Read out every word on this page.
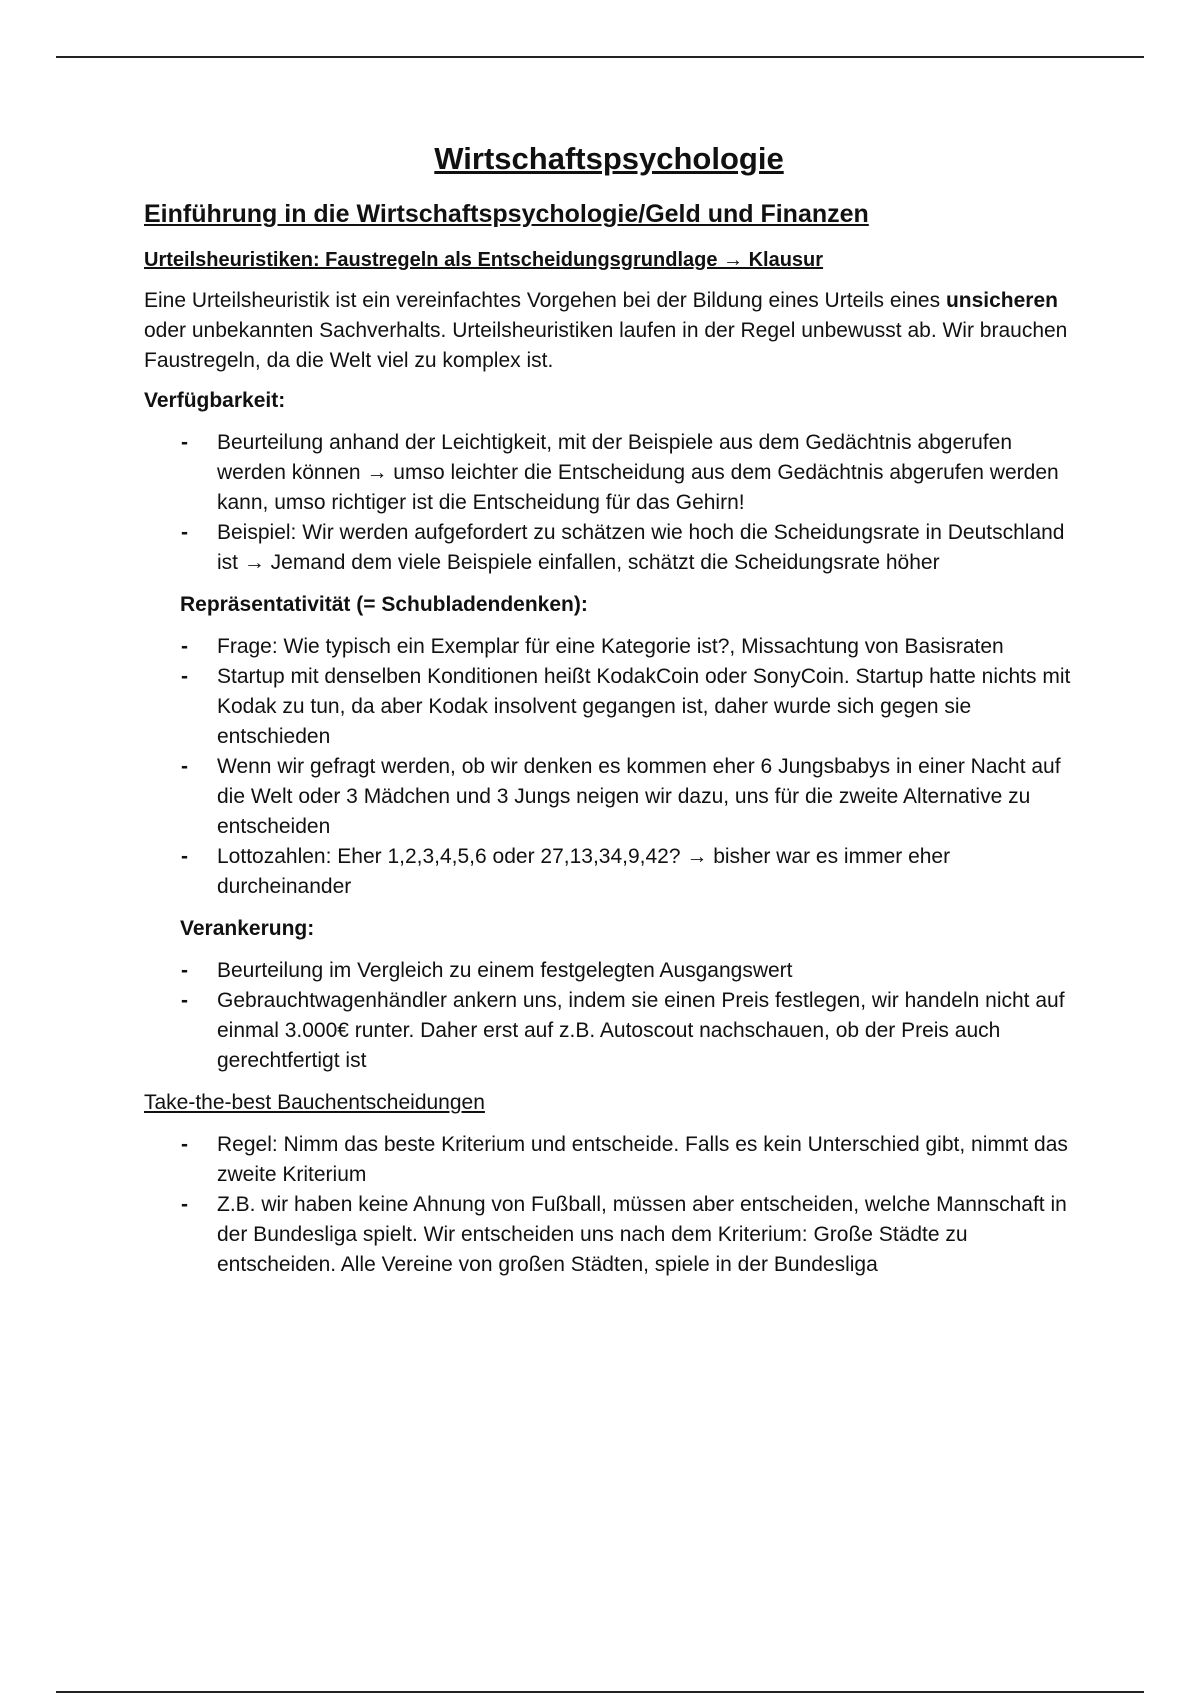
Wirtschaftspsychologie
Einführung in die Wirtschaftspsychologie/Geld und Finanzen
Urteilsheuristiken: Faustregeln als Entscheidungsgrundlage → Klausur

Eine Urteilsheuristik ist ein vereinfachtes Vorgehen bei der Bildung eines Urteils eines unsicheren oder unbekannten Sachverhalts. Urteilsheuristiken laufen in der Regel unbewusst ab. Wir brauchen Faustregeln, da die Welt viel zu komplex ist.

Verfügbarkeit:
- Beurteilung anhand der Leichtigkeit, mit der Beispiele aus dem Gedächtnis abgerufen werden können → umso leichter die Entscheidung aus dem Gedächtnis abgerufen werden kann, umso richtiger ist die Entscheidung für das Gehirn!
- Beispiel: Wir werden aufgefordert zu schätzen wie hoch die Scheidungsrate in Deutschland ist → Jemand dem viele Beispiele einfallen, schätzt die Scheidungsrate höher
Repräsentativität (= Schubladendenken):
- Frage: Wie typisch ein Exemplar für eine Kategorie ist?, Missachtung von Basisraten
- Startup mit denselben Konditionen heißt KodakCoin oder SonyCoin. Startup hatte nichts mit Kodak zu tun, da aber Kodak insolvent gegangen ist, daher wurde sich gegen sie entschieden
- Wenn wir gefragt werden, ob wir denken es kommen eher 6 Jungsbabys in einer Nacht auf die Welt oder 3 Mädchen und 3 Jungs neigen wir dazu, uns für die zweite Alternative zu entscheiden
- Lottozahlen: Eher 1,2,3,4,5,6 oder 27,13,34,9,42? → bisher war es immer eher durcheinander
Verankerung:
- Beurteilung im Vergleich zu einem festgelegten Ausgangswert
- Gebrauchtwagenhändler ankern uns, indem sie einen Preis festlegen, wir handeln nicht auf einmal 3.000€ runter. Daher erst auf z.B. Autoscout nachschauen, ob der Preis auch gerechtfertigt ist
Take-the-best Bauchentscheidungen
- Regel: Nimm das beste Kriterium und entscheide. Falls es kein Unterschied gibt, nimmt das zweite Kriterium
- Z.B. wir haben keine Ahnung von Fußball, müssen aber entscheiden, welche Mannschaft in der Bundesliga spielt. Wir entscheiden uns nach dem Kriterium: Große Städte zu entscheiden. Alle Vereine von großen Städten, spiele in der Bundesliga
